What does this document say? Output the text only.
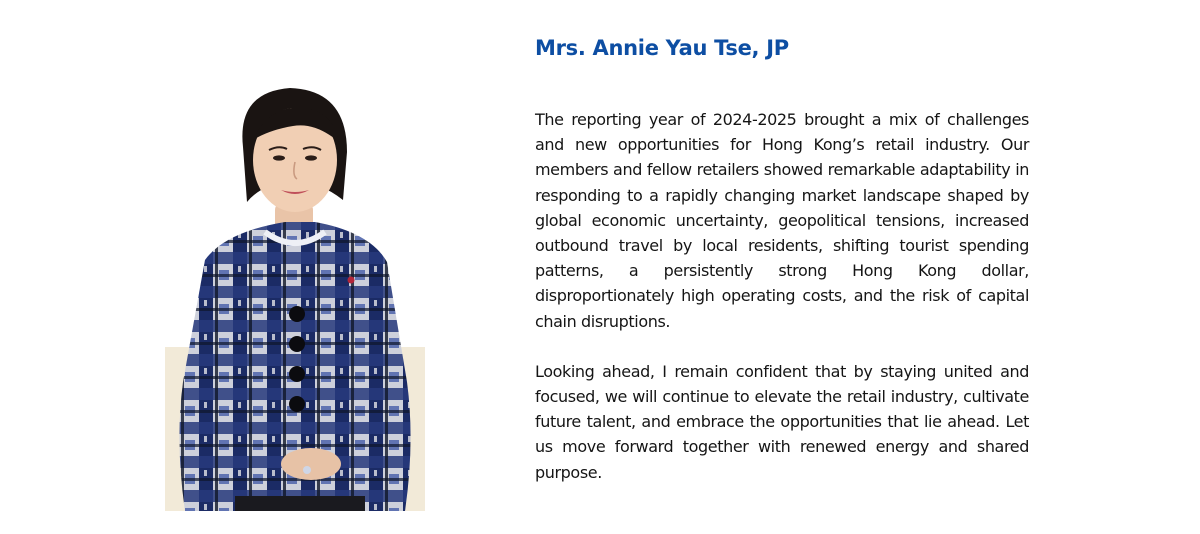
Mrs. Annie Yau Tse, JP

The reporting year of 2024-2025 brought a mix of challenges and new opportunities for Hong Kong’s retail industry. Our members and fellow retailers showed remarkable adaptability in responding to a rapidly changing market landscape shaped by global economic uncertainty, geopolitical tensions, increased outbound travel by local residents, shifting tourist spending patterns, a persistently strong Hong Kong dollar, disproportionately high operating costs, and the risk of capital chain disruptions.

Looking ahead, I remain confident that by staying united and focused, we will continue to elevate the retail industry, cultivate future talent, and embrace the opportunities that lie ahead. Let us move forward together with renewed energy and shared purpose.
